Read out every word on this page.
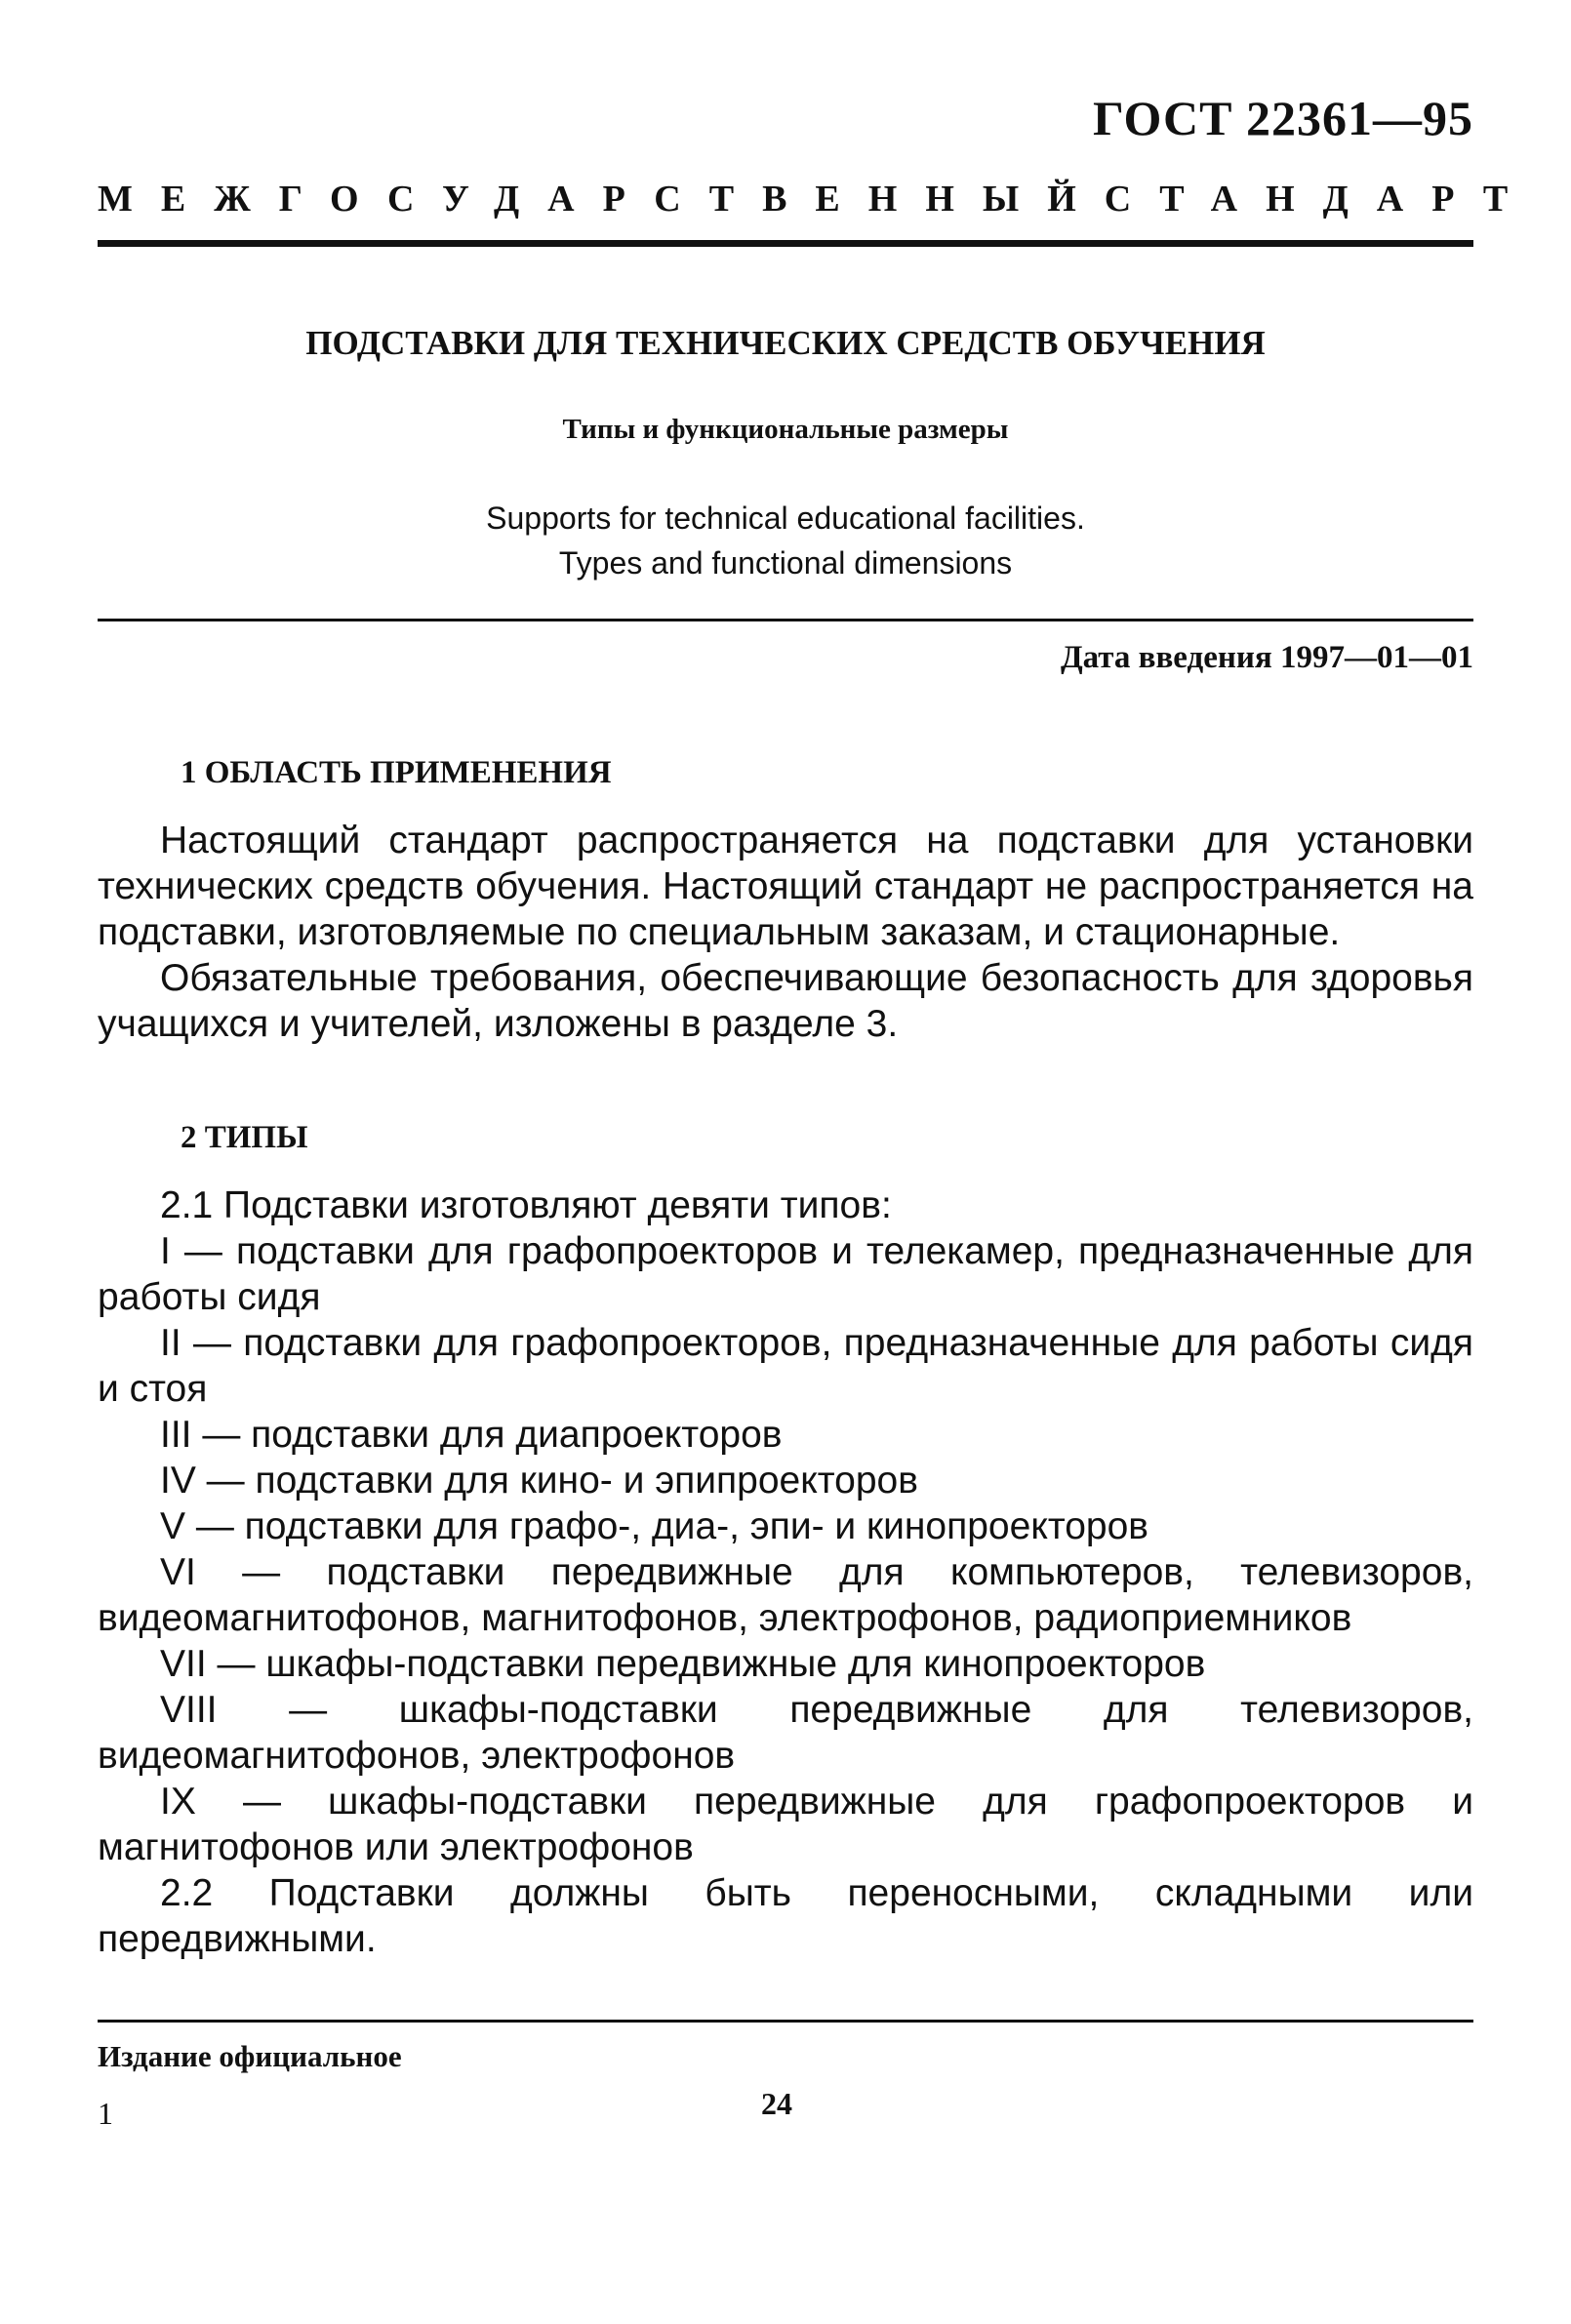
ГОСТ 22361—95
МЕЖГОСУДАРСТВЕННЫЙ СТАНДАРТ
ПОДСТАВКИ ДЛЯ ТЕХНИЧЕСКИХ СРЕДСТВ ОБУЧЕНИЯ
Типы и функциональные размеры
Supports for technical educational facilities.
Types and functional dimensions
Дата введения 1997—01—01
1 ОБЛАСТЬ ПРИМЕНЕНИЯ

Настоящий стандарт распространяется на подставки для установки технических средств обучения. Настоящий стандарт не распространяется на подставки, изготовляемые по специальным заказам, и стационарные.

Обязательные требования, обеспечивающие безопасность для здоровья учащихся и учителей, изложены в разделе 3.

2 ТИПЫ

2.1 Подставки изготовляют девяти типов:

I — подставки для графопроекторов и телекамер, предназначенные для работы сидя

II — подставки для графопроекторов, предназначенные для работы сидя и стоя

III — подставки для диапроекторов

IV — подставки для кино- и эпипроекторов

V — подставки для графо-, диа-, эпи- и кинопроекторов

VI — подставки передвижные для компьютеров, телевизоров, видеомагнитофонов, магнитофонов, электрофонов, радиоприемников

VII — шкафы-подставки передвижные для кинопроекторов

VIII — шкафы-подставки передвижные для телевизоров, видеомагнитофонов, электрофонов

IX — шкафы-подставки передвижные для графопроекторов и магнитофонов или электрофонов

2.2 Подставки должны быть переносными, складными или передвижными.

Издание официальное
1	24
